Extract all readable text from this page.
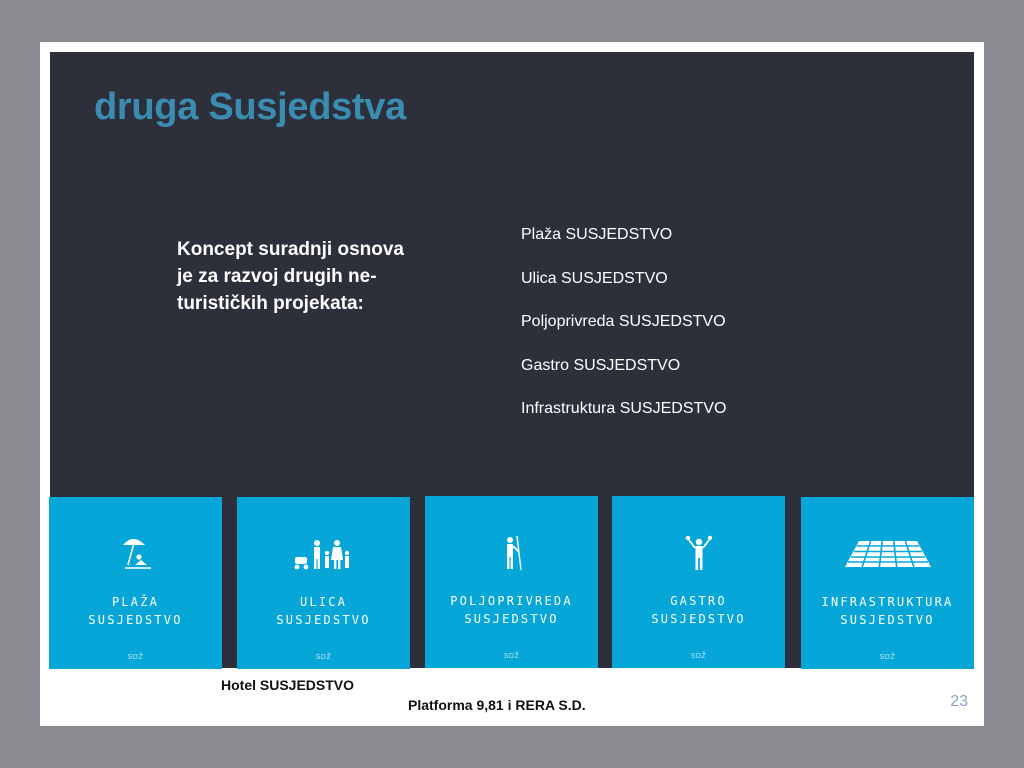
druga Susjedstva

Koncept suradnji osnova je za razvoj drugih ne-turističkih projekata:

Plaža SUSJEDSTVO
Ulica SUSJEDSTVO
Poljoprivreda SUSJEDSTVO
Gastro SUSJEDSTVO
Infrastruktura SUSJEDSTVO
PLAŽA
SUSJEDSTVO
SDŽ
ULICA
SUSJEDSTVO
SDŽ
POLJOPRIVREDA
SUSJEDSTVO
SDŽ
GASTRO
SUSJEDSTVO
SDŽ
INFRASTRUKTURA
SUSJEDSTVO
SDŽ

Hotel SUSJEDSTVO

Platforma 9,81 i RERA S.D.	23
